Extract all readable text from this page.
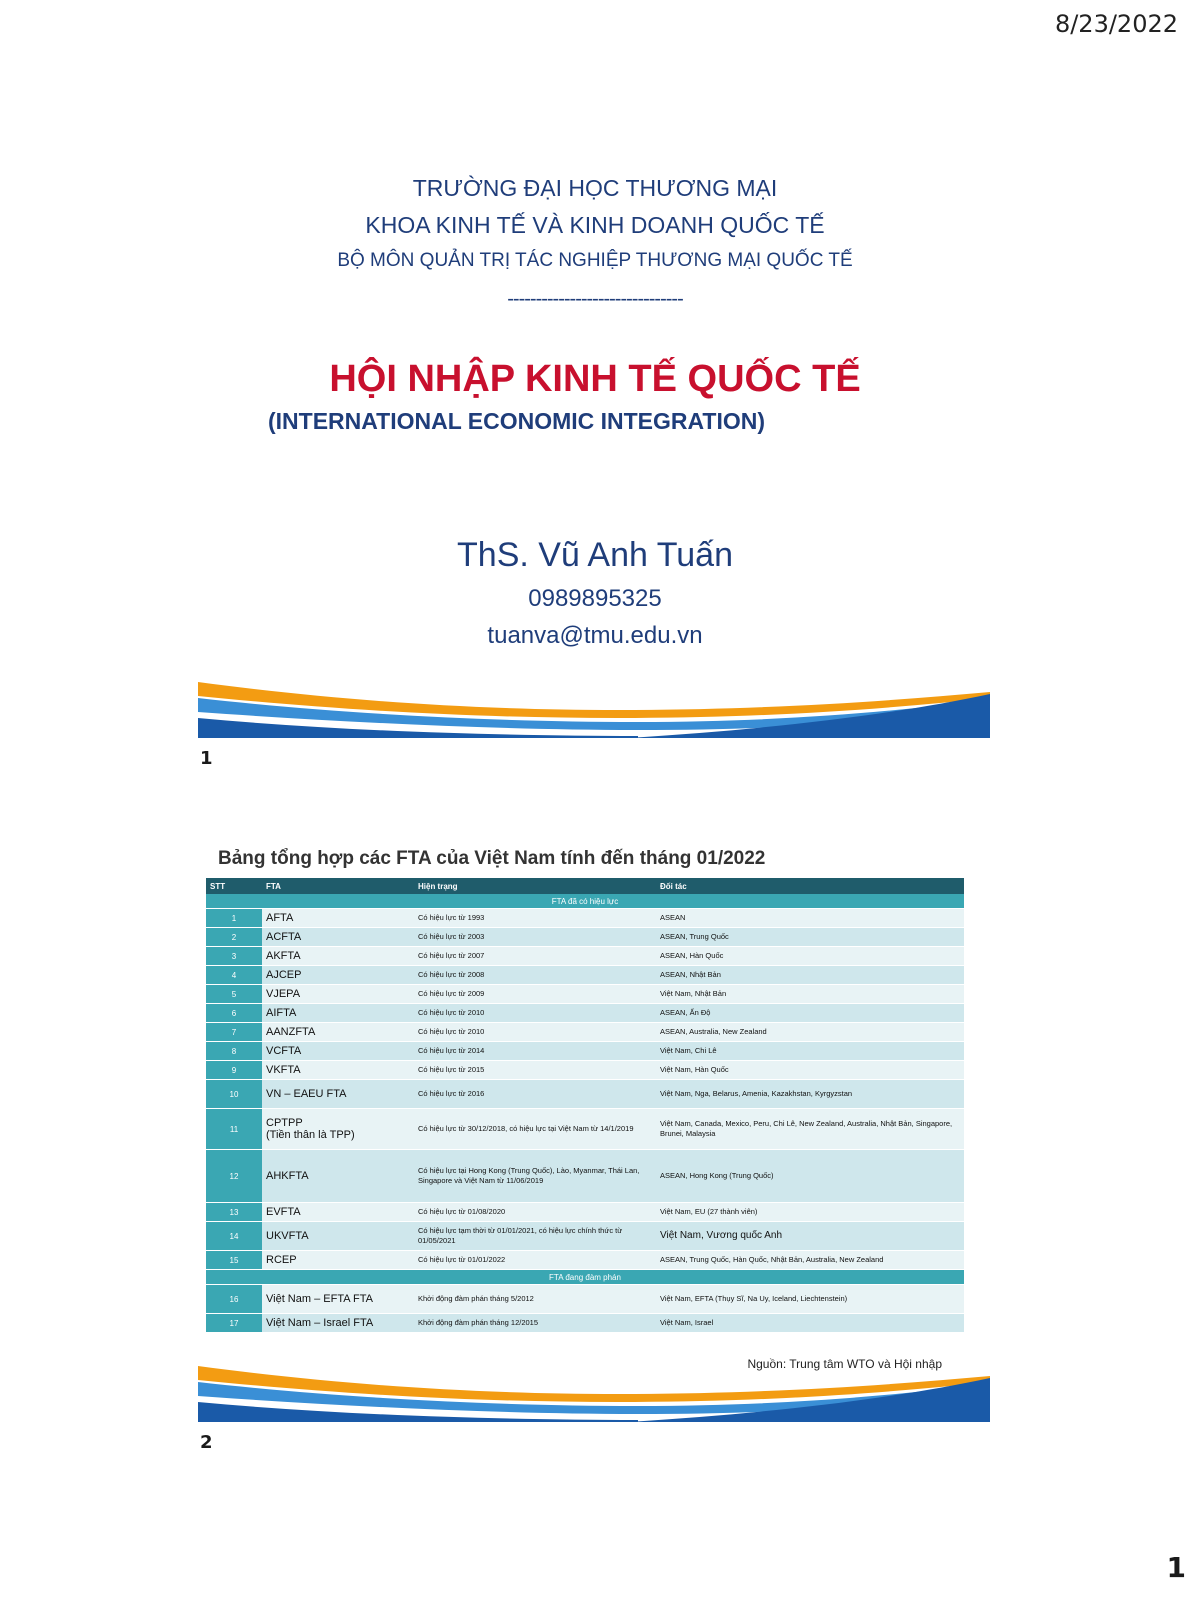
8/23/2022
1
TRƯỜNG ĐẠI HỌC THƯƠNG MẠI
KHOA KINH TẾ VÀ KINH DOANH QUỐC TẾ
BỘ MÔN QUẢN TRỊ TÁC NGHIỆP THƯƠNG MẠI QUỐC TẾ
-------------------------------
HỘI NHẬP KINH TẾ QUỐC TẾ
(INTERNATIONAL ECONOMIC INTEGRATION)
ThS. Vũ Anh Tuấn
0989895325
tuanva@tmu.edu.vn
1
Bảng tổng hợp các FTA của Việt Nam tính đến tháng 01/2022
STT	FTA	Hiện trạng	Đối tác
FTA đã có hiệu lực			
1	AFTA	Có hiệu lực từ 1993	ASEAN
2	ACFTA	Có hiệu lực từ 2003	ASEAN, Trung Quốc
3	AKFTA	Có hiệu lực từ 2007	ASEAN, Hàn Quốc
4	AJCEP	Có hiệu lực từ 2008	ASEAN, Nhật Bản
5	VJEPA	Có hiệu lực từ 2009	Việt Nam, Nhật Bản
6	AIFTA	Có hiệu lực từ 2010	ASEAN, Ấn Độ
7	AANZFTA	Có hiệu lực từ 2010	ASEAN, Australia, New Zealand
8	VCFTA	Có hiệu lực từ 2014	Việt Nam, Chi Lê
9	VKFTA	Có hiệu lực từ 2015	Việt Nam, Hàn Quốc
10	VN – EAEU FTA	Có hiệu lực từ 2016	Việt Nam, Nga, Belarus, Amenia, Kazakhstan, Kyrgyzstan
11	CPTPP
(Tiền thân là TPP)	Có hiệu lực từ 30/12/2018, có hiệu lực tại Việt Nam từ 14/1/2019	Việt Nam, Canada, Mexico, Peru, Chi Lê, New Zealand, Australia, Nhật Bản, Singapore, Brunei, Malaysia
12	AHKFTA	Có hiệu lực tại Hong Kong (Trung Quốc), Lào, Myanmar, Thái Lan, Singapore và Việt Nam từ 11/06/2019	ASEAN, Hong Kong (Trung Quốc)
13	EVFTA	Có hiệu lực từ 01/08/2020	Việt Nam, EU (27 thành viên)
14	UKVFTA	Có hiệu lực tạm thời từ 01/01/2021, có hiệu lực chính thức từ 01/05/2021	Việt Nam, Vương quốc Anh
15	RCEP	Có hiệu lực từ 01/01/2022	ASEAN, Trung Quốc, Hàn Quốc, Nhật Bản, Australia, New Zealand
FTA đang đàm phán			
16	Việt Nam – EFTA FTA	Khởi động đàm phán tháng 5/2012	Việt Nam, EFTA (Thụy Sĩ, Na Uy, Iceland, Liechtenstein)
17	Việt Nam – Israel FTA	Khởi động đàm phán tháng 12/2015	Việt Nam, Israel
Nguồn: Trung tâm WTO và Hội nhập
2
